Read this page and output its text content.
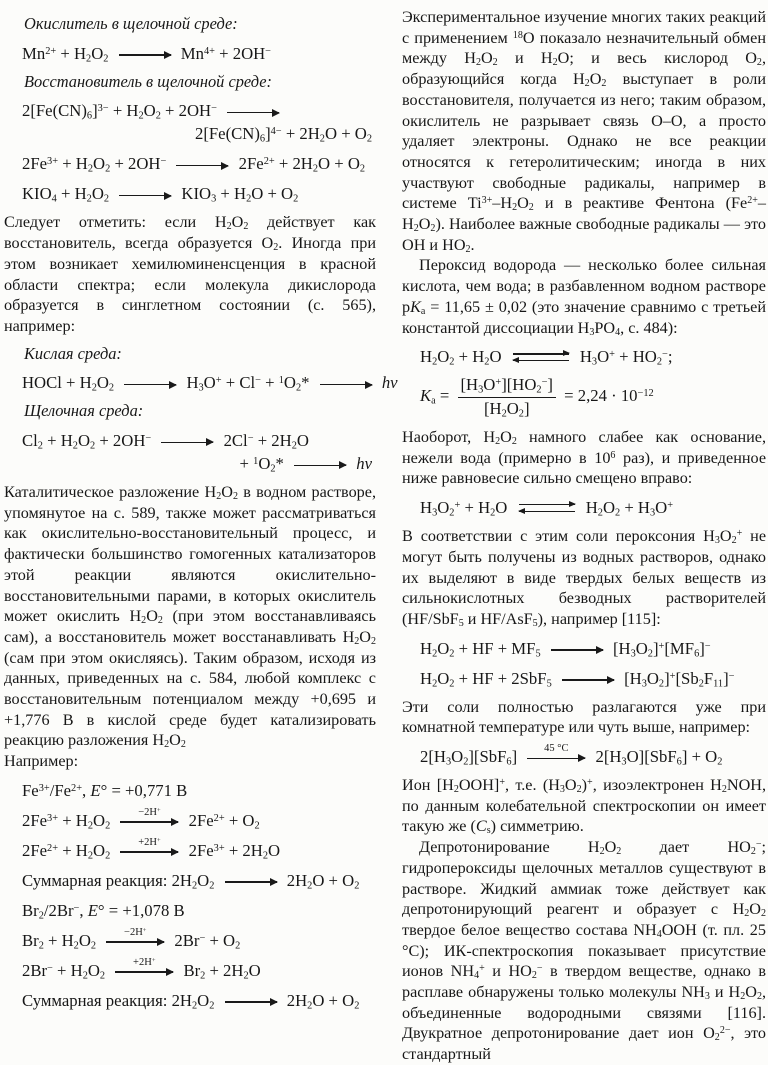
Окислитель в щелочной среде:
$Mn^{2+} + H_2O_2 \to Mn^{4+} + 2OH^-$
Восстановитель в щелочной среде:
$2[Fe(CN)_6]^{3-} + H_2O_2 + 2OH^-$ →
$2[Fe(CN)_6]^{4-} + 2H_2O + O_2$
$2Fe^{3+} + H_2O_2 + 2OH^- \to 2Fe^{2+} + 2H_2O + O_2$
$KIO_4 + H_2O_2 \to KIO_3 + H_2O + O_2$
Следует отметить: если $H_2O_2$ действует как восстановитель, всегда образуется $O_2$. Иногда при этом возникает хемилюминенсценция в красной области спектра; если молекула дикислорода образуется в синглетном состоянии (с. 565), например:
Кислая среда:
HOCl + $H_2O_2 \to H_3O^+ + Cl^- + ^1O_2* \to h\nu$
Щелочная среда:
$Cl_2 + H_2O_2 + 2OH^- \to 2Cl^- + 2H_2O$
+ $^1O_2* \to h\nu$
Каталитическое разложение $H_2O_2$ в водном растворе, упомянутое на с. 589, также может рассматриваться как окислительно-восстановительный процесс, и фактически большинство гомогенных катализаторов этой реакции являются окислительно-восстановительными парами, в которых окислитель может окислить $H_2O_2$ (при этом восстанавливаясь сам), а восстановитель может восстанавливать $H_2O_2$ (сам при этом окисляясь). Таким образом, исходя из данных, приведенных на с. 584, любой комплекс с восстановительным потенциалом между +0,695 и +1,776 В в кислой среде будет катализировать реакцию разложения $H_2O_2$
Например:
$Fe^{3+}/Fe^{2+}$, E° = +0,771 В
$2Fe^{3+} + H_2O_2$
−2H+
$2Fe^{2+} + O_2$
$2Fe^{2+} + H_2O_2$
+2H+
$2Fe^{3+} + 2H_2O$
Суммарная реакция: $2H_2O_2 \to 2H_2O + O_2$
$Br_2/2Br^-$, E° = +1,078 В
$Br_2 + H_2O_2$
−2H+
$2Br^- + O_2$
$2Br^- + H_2O_2$
+2H+
$Br_2 + 2H_2O$
Суммарная реакция: $2H_2O_2 \to 2H_2O + O_2$
Экспериментальное изучение многих таких реакций с применением $^{18}$O показало незначительный обмен между $H_2O_2$ и $H_2O$; и весь кислород $O_2$, образующийся когда $H_2O_2$ выступает в роли восстановителя, получается из него; таким образом, окислитель не разрывает связь O–O, а просто удаляет электроны. Однако не все реакции относятся к гетеролитическим; иногда в них участвуют свободные радикалы, например в системе $Ti^{3+}-H_2O_2$ и в реактиве Фентона $(Fe^{2+}-H_2O_2)$. Наиболее важные свободные радикалы — это OH и $HO_2$.
Пероксид водорода — несколько более сильная кислота, чем вода; в разбавленном водном растворе $pK_a = 11,65 \pm 0,02$ (это значение сравнимо с третьей константой диссоциации $H_3PO_4$, с. 484):
$H_2O_2 + H_2O$ ⇌ $H_3O^+ + HO_2^-$;
$K_a = \frac{[H_3O^+][HO_2^-]}{[H_2O_2]} = 2,24 \cdot 10^{-12}$
Наоборот, $H_2O_2$ намного слабее как основание, нежели вода (примерно в $10^6$ раз), и приведенное ниже равновесие сильно смещено вправо:
$H_3O_2^+ + H_2O$ ⇌ $H_2O_2 + H_3O^+$
В соответствии с этим соли пероксония $H_3O_2^+$ не могут быть получены из водных растворов, однако их выделяют в виде твердых белых веществ из сильнокислотных безводных растворителей (HF/SbF$_5$ и HF/AsF$_5$), например [115]:
$H_2O_2$ + HF + $MF_5 \to [H_3O_2]^+[MF_6]^-$
$H_2O_2$ + HF + $2SbF_5 \to [H_3O_2]^+[Sb_2F_{11}]^-$
Эти соли полностью разлагаются уже при комнатной температуре или чуть выше, например:
$2[H_3O_2][SbF_6]$ 45 °C $2[H_3O][SbF_6] + O_2$
Ион $[H_2OOH]^+$, т.е. $(H_3O_2)^+$, изоэлектронен $H_2NOH$, по данным колебательной спектроскопии он имеет такую же $(C_s)$ симметрию.
Депротонирование $H_2O_2$ дает $HO_2^-$; гидропероксиды щелочных металлов существуют в растворе. Жидкий аммиак тоже действует как депротонирующий реагент и образует с $H_2O_2$ твердое белое вещество состава $NH_4OOH$ (т. пл. 25 °C); ИК-спектроскопия показывает присутствие ионов $NH_4^+$ и $HO_2^-$ в твердом веществе, однако в расплаве обнаружены только молекулы $NH_3$ и $H_2O_2$, объединенные водородными связями [116]. Двукратное депротонирование дает ион $O_2^{2-}$, это стандартный
